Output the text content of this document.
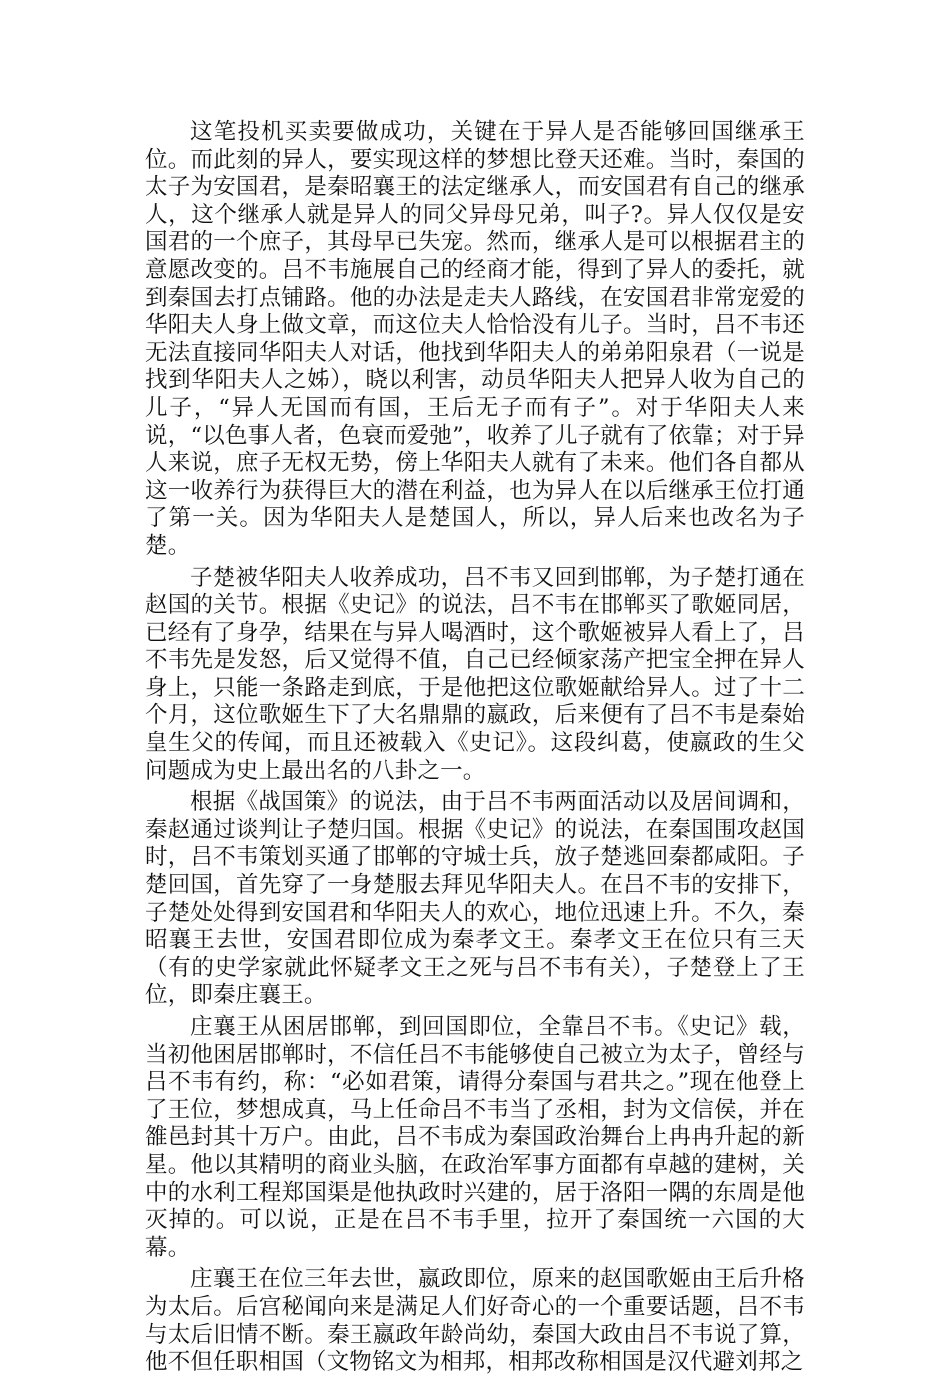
这笔投机买卖要做成功，关键在于异人是否能够回国继承王位。而此刻的异人，要实现这样的梦想比登天还难。当时，秦国的太子为安国君，是秦昭襄王的法定继承人，而安国君有自己的继承人，这个继承人就是异人的同父异母兄弟，叫子?。异人仅仅是安国君的一个庶子，其母早已失宠。然而，继承人是可以根据君主的意愿改变的。吕不韦施展自己的经商才能，得到了异人的委托，就到秦国去打点铺路。他的办法是走夫人路线，在安国君非常宠爱的华阳夫人身上做文章，而这位夫人恰恰没有儿子。当时，吕不韦还无法直接同华阳夫人对话，他找到华阳夫人的弟弟阳泉君（一说是找到华阳夫人之姊），晓以利害，动员华阳夫人把异人收为自己的儿子，“异人无国而有国，王后无子而有子”。对于华阳夫人来说，“以色事人者，色衰而爱弛”，收养了儿子就有了依靠；对于异人来说，庶子无权无势，傍上华阳夫人就有了未来。他们各自都从这一收养行为获得巨大的潜在利益，也为异人在以后继承王位打通了第一关。因为华阳夫人是楚国人，所以，异人后来也改名为子楚。

子楚被华阳夫人收养成功，吕不韦又回到邯郸，为子楚打通在赵国的关节。根据《史记》的说法，吕不韦在邯郸买了歌姬同居，已经有了身孕，结果在与异人喝酒时，这个歌姬被异人看上了，吕不韦先是发怒，后又觉得不值，自己已经倾家荡产把宝全押在异人身上，只能一条路走到底，于是他把这位歌姬献给异人。过了十二个月，这位歌姬生下了大名鼎鼎的嬴政，后来便有了吕不韦是秦始皇生父的传闻，而且还被载入《史记》。这段纠葛，使嬴政的生父问题成为史上最出名的八卦之一。

根据《战国策》的说法，由于吕不韦两面活动以及居间调和，秦赵通过谈判让子楚归国。根据《史记》的说法，在秦国围攻赵国时，吕不韦策划买通了邯郸的守城士兵，放子楚逃回秦都咸阳。子楚回国，首先穿了一身楚服去拜见华阳夫人。在吕不韦的安排下，子楚处处得到安国君和华阳夫人的欢心，地位迅速上升。不久，秦昭襄王去世，安国君即位成为秦孝文王。秦孝文王在位只有三天（有的史学家就此怀疑孝文王之死与吕不韦有关），子楚登上了王位，即秦庄襄王。

庄襄王从困居邯郸，到回国即位，全靠吕不韦。《史记》载，当初他困居邯郸时，不信任吕不韦能够使自己被立为太子，曾经与吕不韦有约，称：“必如君策，请得分秦国与君共之。”现在他登上了王位，梦想成真，马上任命吕不韦当了丞相，封为文信侯，并在雒邑封其十万户。由此，吕不韦成为秦国政治舞台上冉冉升起的新星。他以其精明的商业头脑，在政治军事方面都有卓越的建树，关中的水利工程郑国渠是他执政时兴建的，居于洛阳一隅的东周是他灭掉的。可以说，正是在吕不韦手里，拉开了秦国统一六国的大幕。

庄襄王在位三年去世，嬴政即位，原来的赵国歌姬由王后升格为太后。后宫秘闻向来是满足人们好奇心的一个重要话题，吕不韦与太后旧情不断。秦王嬴政年龄尚幼，秦国大政由吕不韦说了算，他不但任职相国（文物铭文为相邦，相邦改称相国是汉代避刘邦之
